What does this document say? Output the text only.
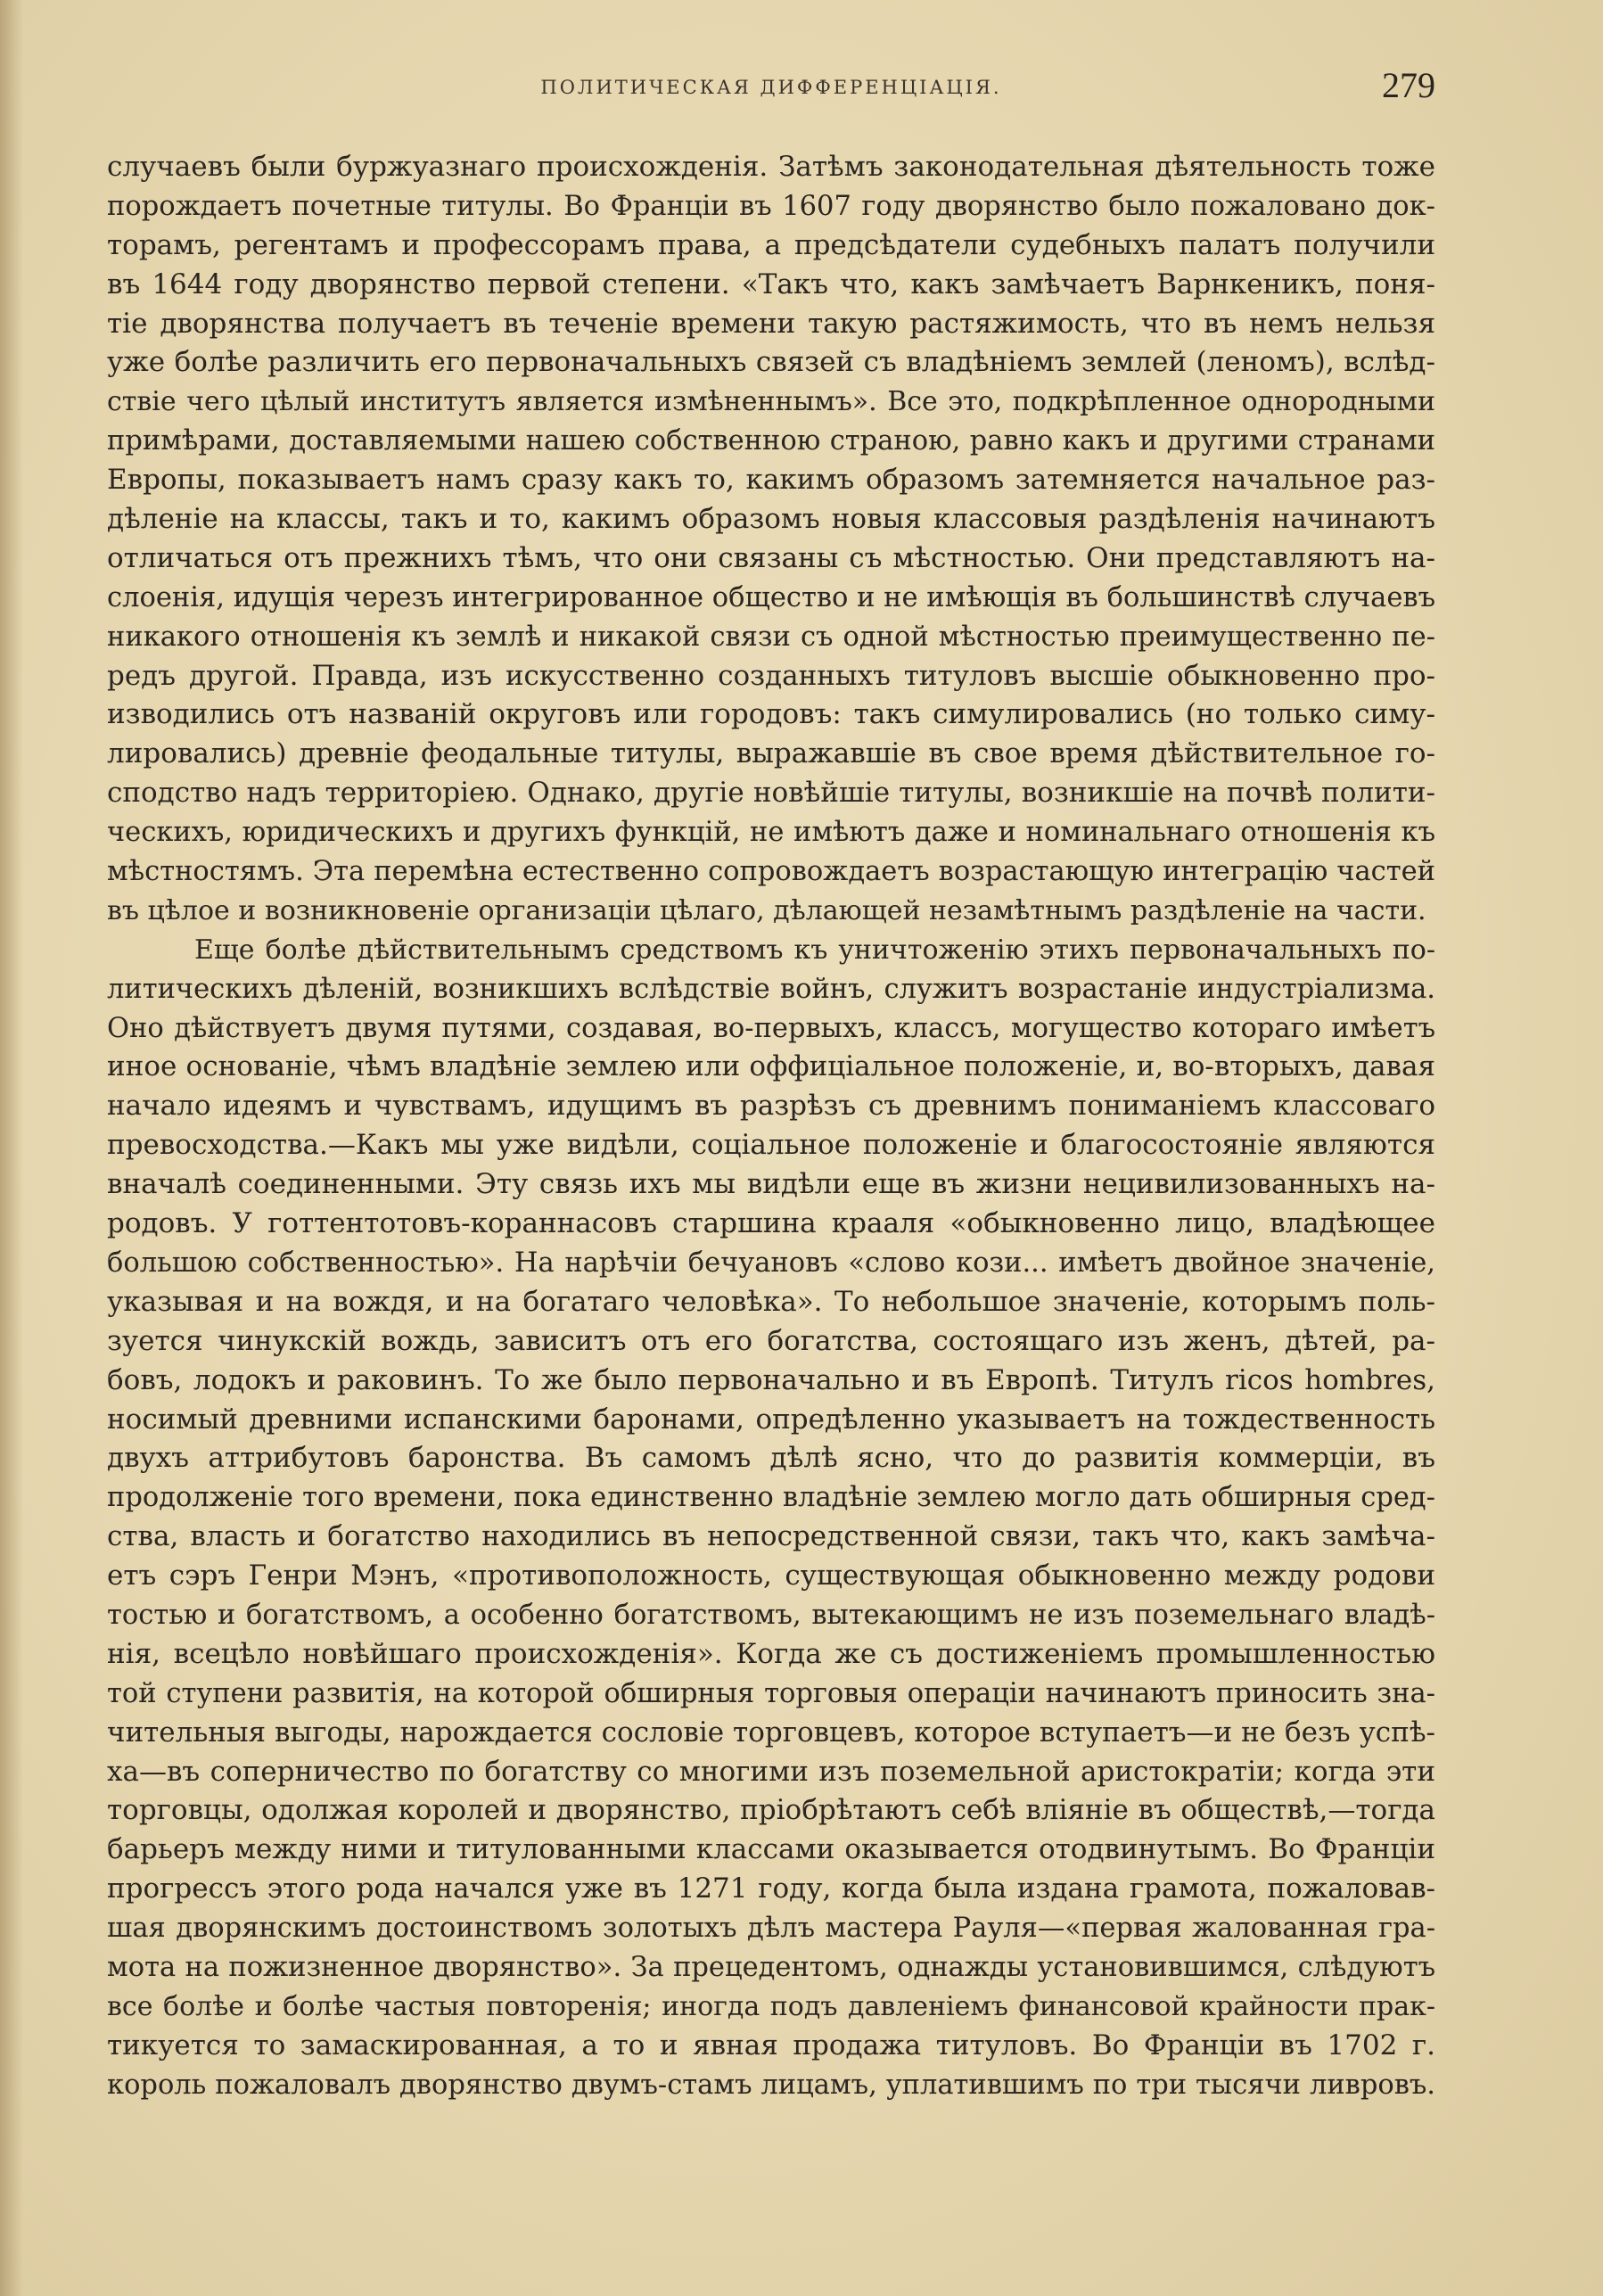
ПОЛИТИЧЕСКАЯ ДИФФЕРЕНЦІАЦІЯ.	279
случаевъ были буржуазнаго происхожденія. Затѣмъ законодательная дѣятельность тоже
порождаетъ почетные титулы. Во Франціи въ 1607 году дворянство было пожаловано док-
торамъ, регентамъ и профессорамъ права, а предсѣдатели судебныхъ палатъ получили
въ 1644 году дворянство первой степени. «Такъ что, какъ замѣчаетъ Варнкеникъ, поня-
тіе дворянства получаетъ въ теченіе времени такую растяжимость, что въ немъ нельзя
уже болѣе различить его первоначальныхъ связей съ владѣніемъ землей (леномъ), вслѣд-
ствіе чего цѣлый институтъ является измѣненнымъ». Все это, подкрѣпленное однородными
примѣрами, доставляемыми нашею собственною страною, равно какъ и другими странами
Европы, показываетъ намъ сразу какъ то, какимъ образомъ затемняется начальное раз-
дѣленіе на классы, такъ и то, какимъ образомъ новыя классовыя раздѣленія начинаютъ
отличаться отъ прежнихъ тѣмъ, что они связаны съ мѣстностью. Они представляютъ на-
слоенія, идущія черезъ интегрированное общество и не имѣющія въ большинствѣ случаевъ
никакого отношенія къ землѣ и никакой связи съ одной мѣстностью преимущественно пе-
редъ другой. Правда, изъ искусственно созданныхъ титуловъ высшіе обыкновенно про-
изводились отъ названій округовъ или городовъ: такъ симулировались (но только симу-
лировались) древніе феодальные титулы, выражавшіе въ свое время дѣйствительное го-
сподство надъ территоріею. Однако, другіе новѣйшіе титулы, возникшіе на почвѣ полити-
ческихъ, юридическихъ и другихъ функцій, не имѣютъ даже и номинальнаго отношенія къ
мѣстностямъ. Эта перемѣна естественно сопровождаетъ возрастающую интеграцію частей
въ цѣлое и возникновеніе организаціи цѣлаго, дѣлающей незамѣтнымъ раздѣленіе на части.
Еще болѣе дѣйствительнымъ средствомъ къ уничтоженію этихъ первоначальныхъ по-
литическихъ дѣленій, возникшихъ вслѣдствіе войнъ, служитъ возрастаніе индустріализма.
Оно дѣйствуетъ двумя путями, создавая, во-первыхъ, классъ, могущество котораго имѣетъ
иное основаніе, чѣмъ владѣніе землею или оффиціальное положеніе, и, во-вторыхъ, давая
начало идеямъ и чувствамъ, идущимъ въ разрѣзъ съ древнимъ пониманіемъ классоваго
превосходства.—Какъ мы уже видѣли, соціальное положеніе и благосостояніе являются
вначалѣ соединенными. Эту связь ихъ мы видѣли еще въ жизни нецивилизованныхъ на-
родовъ. У готтентотовъ-кораннасовъ старшина крааля «обыкновенно лицо, владѣющее
большою собственностью». На нарѣчіи бечуановъ «слово кози... имѣетъ двойное значеніе,
указывая и на вождя, и на богатаго человѣка». То небольшое значеніе, которымъ поль-
зуется чинукскій вождь, зависитъ отъ его богатства, состоящаго изъ женъ, дѣтей, ра-
бовъ, лодокъ и раковинъ. То же было первоначально и въ Европѣ. Титулъ ricos hombres,
носимый древними испанскими баронами, опредѣленно указываетъ на тождественность
двухъ аттрибутовъ баронства. Въ самомъ дѣлѣ ясно, что до развитія коммерціи, въ
продолженіе того времени, пока единственно владѣніе землею могло дать обширныя сред-
ства, власть и богатство находились въ непосредственной связи, такъ что, какъ замѣча-
етъ сэръ Генри Мэнъ, «противоположность, существующая обыкновенно между родови
тостью и богатствомъ, а особенно богатствомъ, вытекающимъ не изъ поземельнаго владѣ-
нія, всецѣло новѣйшаго происхожденія». Когда же съ достиженіемъ промышленностью
той ступени развитія, на которой обширныя торговыя операціи начинаютъ приносить зна-
чительныя выгоды, нарождается сословіе торговцевъ, которое вступаетъ—и не безъ успѣ-
ха—въ соперничество по богатству со многими изъ поземельной аристократіи; когда эти
торговцы, одолжая королей и дворянство, пріобрѣтаютъ себѣ вліяніе въ обществѣ,—тогда
барьеръ между ними и титулованными классами оказывается отодвинутымъ. Во Франціи
прогрессъ этого рода начался уже въ 1271 году, когда была издана грамота, пожаловав-
шая дворянскимъ достоинствомъ золотыхъ дѣлъ мастера Рауля—«первая жалованная гра-
мота на пожизненное дворянство». За прецедентомъ, однажды установившимся, слѣдуютъ
все болѣе и болѣе частыя повторенія; иногда подъ давленіемъ финансовой крайности прак-
тикуется то замаскированная, а то и явная продажа титуловъ. Во Франціи въ 1702 г.
король пожаловалъ дворянство двумъ-стамъ лицамъ, уплатившимъ по три тысячи ливровъ.
